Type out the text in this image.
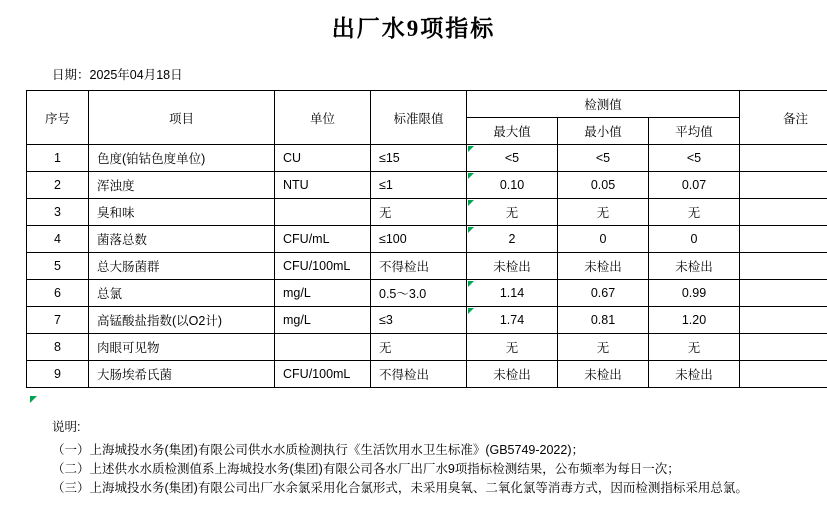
出厂水9项指标
日期：2025年04月18日
序号	项目	单位	标准限值	检测值			备注
				最大值	最小值	平均值	
1	色度(铂钴色度单位)	CU	≤15	<5	<5	<5	
2	浑浊度	NTU	≤1	0.10	0.05	0.07	
3	臭和味		无	无	无	无	
4	菌落总数	CFU/mL	≤100	2	0	0	
5	总大肠菌群	CFU/100mL	不得检出	未检出	未检出	未检出	
6	总氯	mg/L	0.5～3.0	1.14	0.67	0.99	
7	高锰酸盐指数(以O2计)	mg/L	≤3	1.74	0.81	1.20	
8	肉眼可见物		无	无	无	无	
9	大肠埃希氏菌	CFU/100mL	不得检出	未检出	未检出	未检出	
说明:
（一）上海城投水务(集团)有限公司供水水质检测执行《生活饮用水卫生标准》(GB5749-2022)；
（二）上述供水水质检测值系上海城投水务(集团)有限公司各水厂出厂水9项指标检测结果，公布频率为每日一次；
（三）上海城投水务(集团)有限公司出厂水余氯采用化合氯形式，未采用臭氧、二氧化氯等消毒方式，因而检测指标采用总氯。
